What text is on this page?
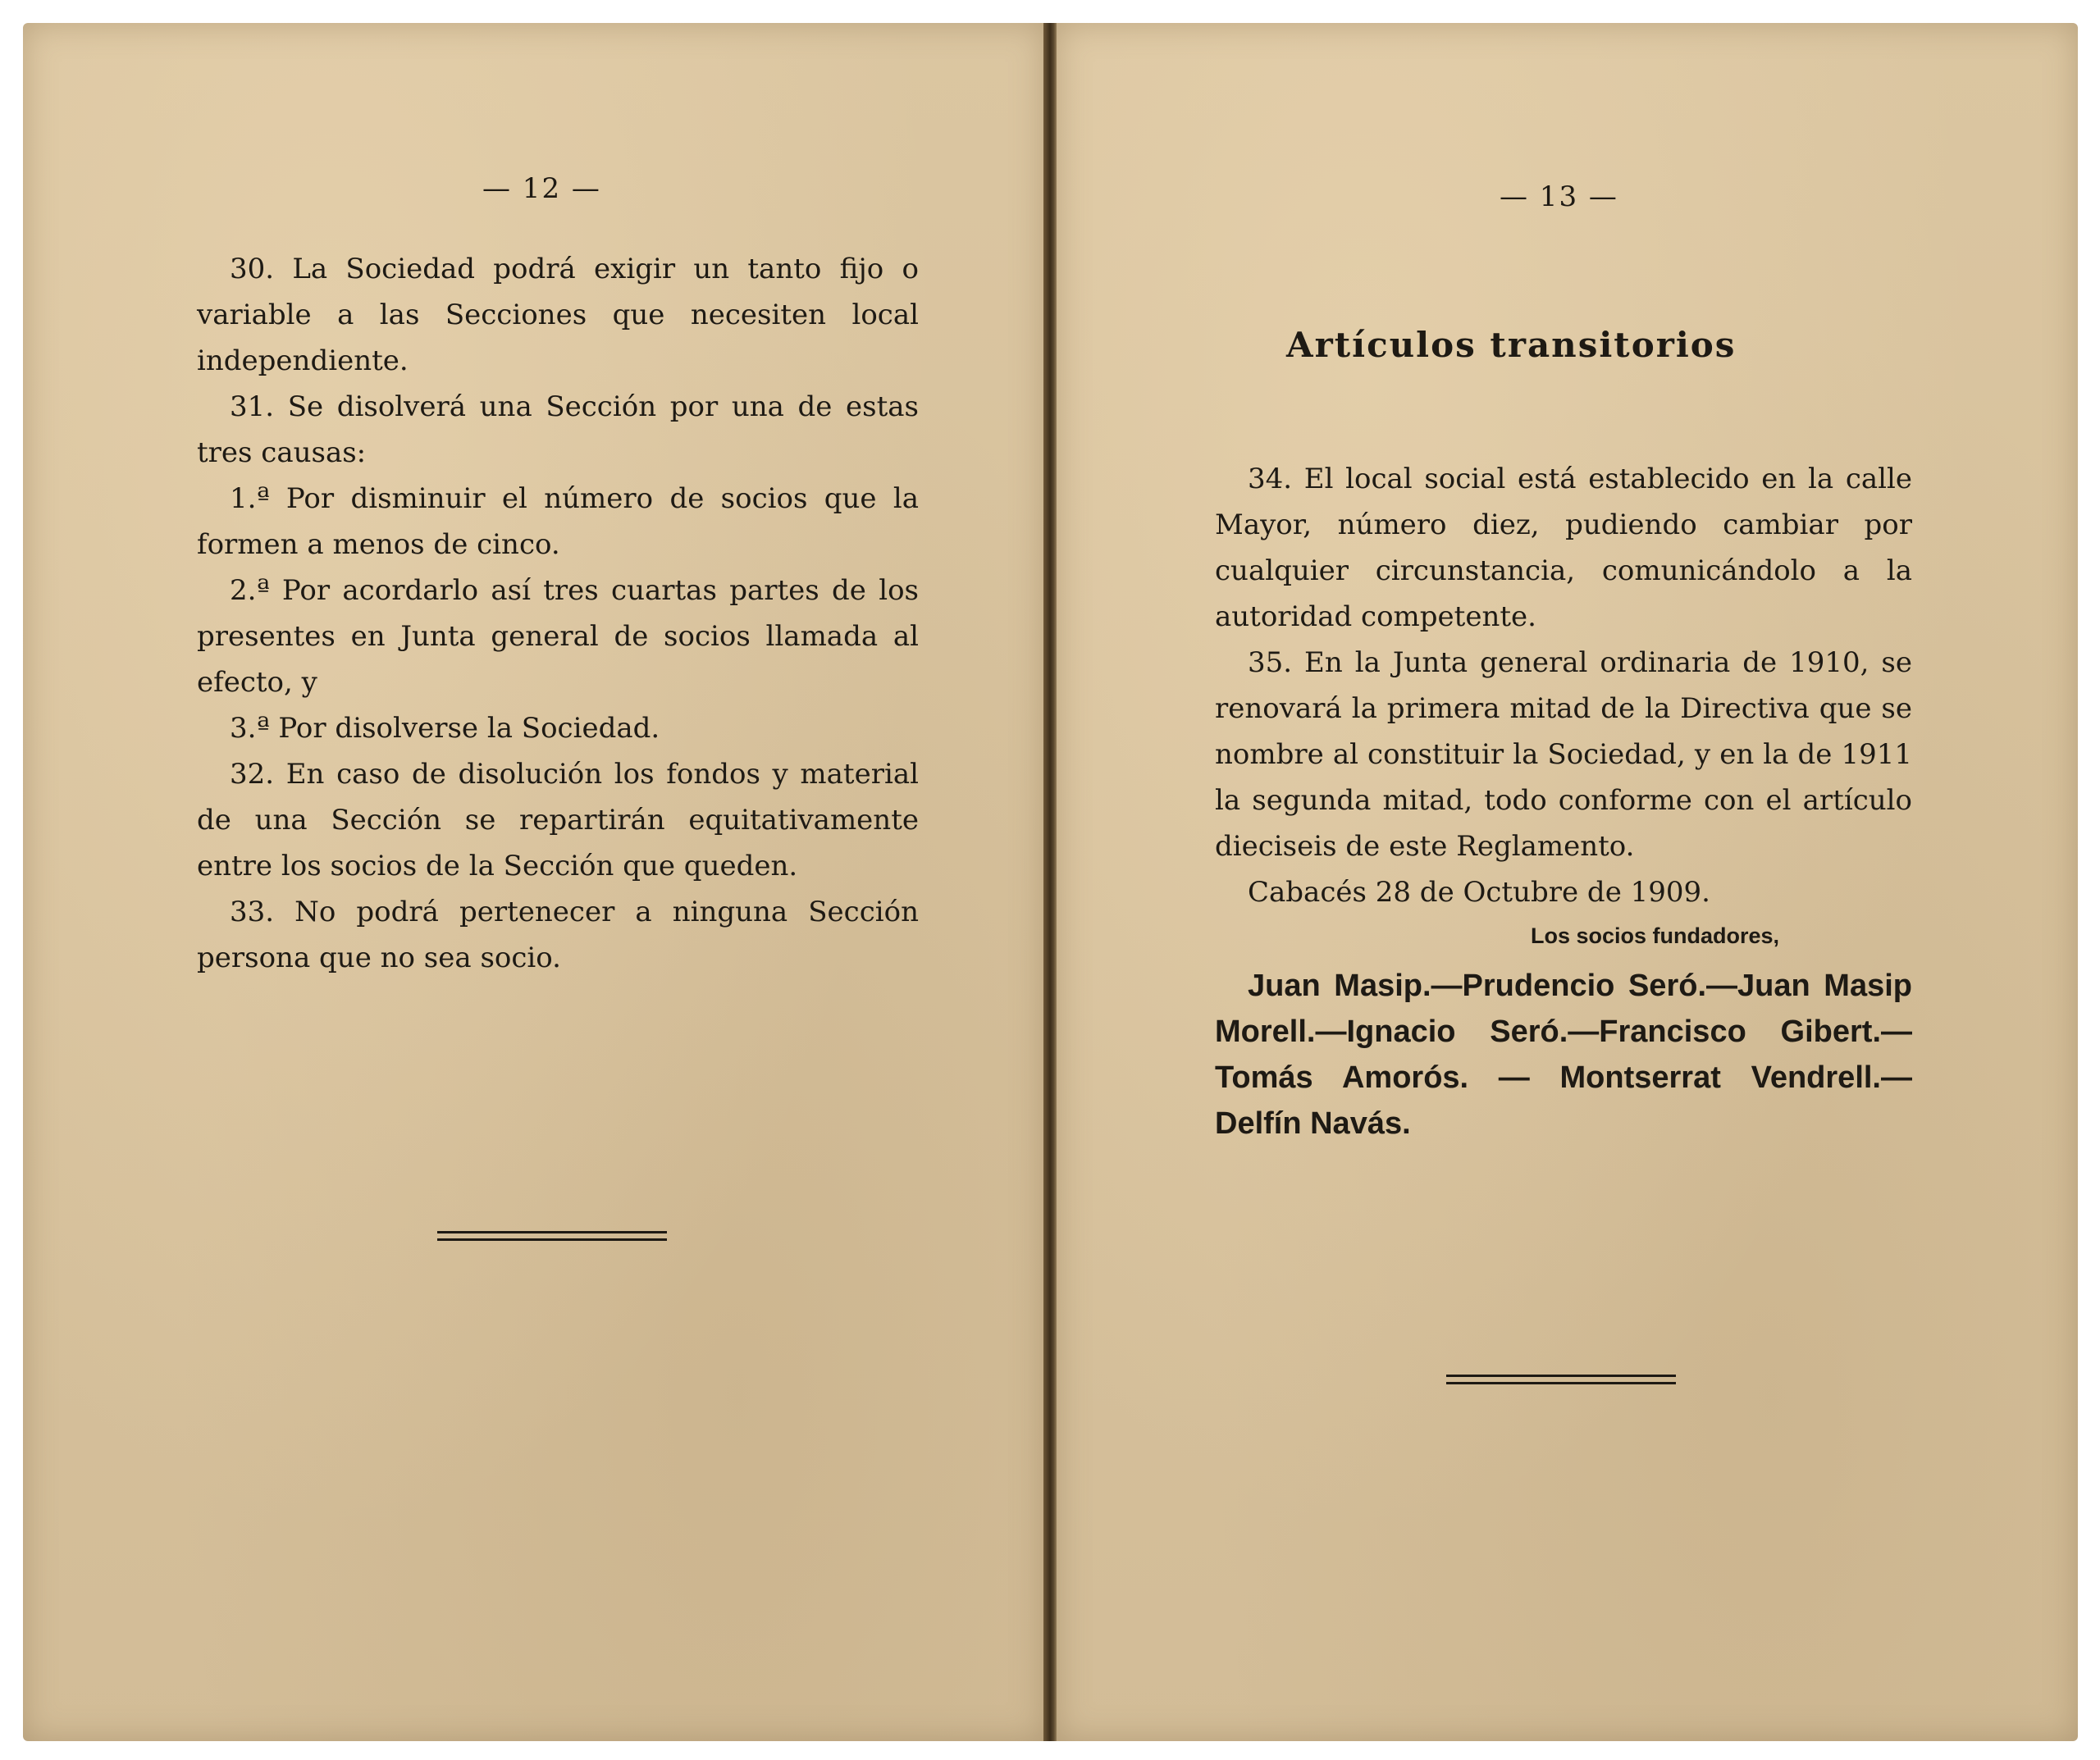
— 12 —

30. La Sociedad podrá exigir un tanto fijo o variable a las Secciones que necesiten local independiente.

31. Se disolverá una Sección por una de estas tres causas:

1.ª Por disminuir el número de socios que la formen a menos de cinco.

2.ª Por acordarlo así tres cuartas partes de los presentes en Junta general de socios llamada al efecto, y

3.ª Por disolverse la Sociedad.

32. En caso de disolución los fondos y material de una Sección se repartirán equitativamente entre los socios de la Sección que queden.

33. No podrá pertenecer a ninguna Sección persona que no sea socio.

— 13 —
Artículos transitorios

34. El local social está establecido en la calle Mayor, número diez, pudiendo cambiar por cualquier circunstancia, comunicándolo a la autoridad competente.

35. En la Junta general ordinaria de 1910, se renovará la primera mitad de la Directiva que se nombre al constituir la Sociedad, y en la de 1911 la segunda mitad, todo conforme con el artículo dieciseis de este Reglamento.

Cabacés 28 de Octubre de 1909.

Los socios fundadores,

Juan Masip.—Prudencio Seró.—Juan Masip Morell.—Ignacio Seró.—Francisco Gibert.— Tomás Amorós. — Montserrat Vendrell.—Delfín Navás.
